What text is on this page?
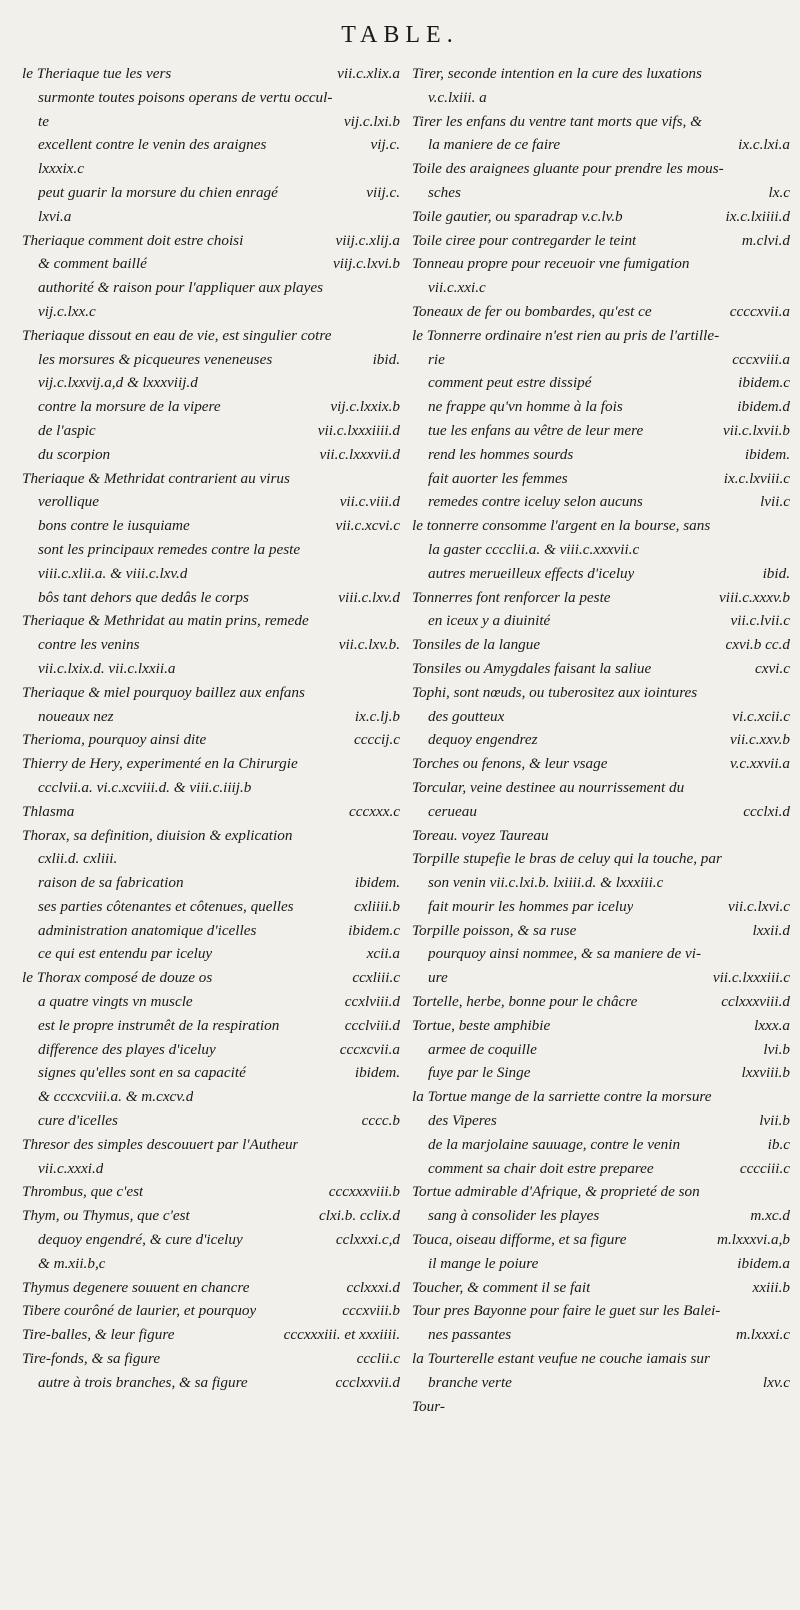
TABLE.
le Theriaque tue les vers	vii.c.xlix.a
surmonte toutes poisons operans de vertu occul-
te	vij.c.lxi.b
excellent contre le venin des araignes	vij.c.
lxxxix.c
peut guarir la morsure du chien enragé	viij.c.
lxvi.a
Theriaque comment doit estre choisi	viij.c.xlij.a
& comment baillé	viij.c.lxvi.b
authorité & raison pour l'appliquer aux playes
vij.c.lxx.c
Theriaque dissout en eau de vie, est singulier cotre
les morsures & picqueures veneneuses	ibid.
vij.c.lxxvij.a,d & lxxxviij.d
contre la morsure de la vipere	vij.c.lxxix.b
de l'aspic	vii.c.lxxxiiii.d
du scorpion	vii.c.lxxxvii.d
Theriaque & Methridat contrarient au virus
verollique	vii.c.viii.d
bons contre le iusquiame	vii.c.xcvi.c
sont les principaux remedes contre la peste
viii.c.xlii.a. & viii.c.lxv.d
bôs tant dehors que dedâs le corps	viii.c.lxv.d
Theriaque & Methridat au matin prins, remede
contre les venins	vii.c.lxv.b.
vii.c.lxix.d. vii.c.lxxii.a
Theriaque & miel pourquoy baillez aux enfans
noueaux nez	ix.c.lj.b
Therioma, pourquoy ainsi dite	ccccij.c
Thierry de Hery, experimenté en la Chirurgie
ccclvii.a. vi.c.xcviii.d. & viii.c.iiij.b
Thlasma	cccxxx.c
Thorax, sa definition, diuision & explication
cxlii.d. cxliii.
raison de sa fabrication	ibidem.
ses parties côtenantes et côtenues, quelles	cxliiii.b
administration anatomique d'icelles	ibidem.c
ce qui est entendu par iceluy	xcii.a
le Thorax composé de douze os	ccxliii.c
a quatre vingts vn muscle	ccxlviii.d
est le propre instrumêt de la respiration	ccclviii.d
difference des playes d'iceluy	cccxcvii.a
signes qu'elles sont en sa capacité	ibidem.
& cccxcviii.a. & m.cxcv.d
cure d'icelles	cccc.b
Thresor des simples descouuert par l'Autheur
vii.c.xxxi.d
Thrombus, que c'est	cccxxxviii.b
Thym, ou Thymus, que c'est	clxi.b. cclix.d
dequoy engendré, & cure d'iceluy	cclxxxi.c,d
& m.xii.b,c
Thymus degenere souuent en chancre	cclxxxi.d
Tibere courôné de laurier, et pourquoy	cccxviii.b
Tire-balles, & leur figure	cccxxxiii. et xxxiiii.
Tire-fonds, & sa figure	ccclii.c
autre à trois branches, & sa figure	ccclxxvii.d
Tirer, seconde intention en la cure des luxations
v.c.lxiii. a
Tirer les enfans du ventre tant morts que vifs, &
la maniere de ce faire	ix.c.lxi.a
Toile des araignees gluante pour prendre les mous-
sches	lx.c
Toile gautier, ou sparadrap v.c.lv.b	ix.c.lxiiii.d
Toile ciree pour contregarder le teint	m.clvi.d
Tonneau propre pour receuoir vne fumigation
vii.c.xxi.c
Toneaux de fer ou bombardes, qu'est ce	ccccxvii.a
le Tonnerre ordinaire n'est rien au pris de l'artille-
rie	cccxviii.a
comment peut estre dissipé	ibidem.c
ne frappe qu'vn homme à la fois	ibidem.d
tue les enfans au vêtre de leur mere	vii.c.lxvii.b
rend les hommes sourds	ibidem.
fait auorter les femmes	ix.c.lxviii.c
remedes contre iceluy selon aucuns	lvii.c
le tonnerre consomme l'argent en la bourse, sans
la gaster ccccliі.a. & viii.c.xxxvii.c
autres merueilleux effects d'iceluy	ibid.
Tonnerres font renforcer la peste	viii.c.xxxv.b
en iceux y a diuinité	vii.c.lvii.c
Tonsiles de la langue	cxvi.b cc.d
Tonsiles ou Amygdales faisant la saliue	cxvi.c
Tophi, sont nœuds, ou tuberositez aux iointures
des goutteux	vi.c.xcii.c
dequoy engendrez	vii.c.xxv.b
Torches ou fenons, & leur vsage	v.c.xxvii.a
Torcular, veine destinee au nourrissement du
cerueau	ccclxi.d
Toreau. voyez Taureau
Torpille stupefie le bras de celuy qui la touche, par
son venin vii.c.lxi.b. lxiiii.d. & lxxxiii.c
fait mourir les hommes par iceluy	vii.c.lxvi.c
Torpille poisson, & sa ruse	lxxii.d
pourquoy ainsi nommee, & sa maniere de vi-
ure	vii.c.lxxxiii.c
Tortelle, herbe, bonne pour le châcre	cclxxxviii.d
Tortue, beste amphibie	lxxx.a
armee de coquille	lvi.b
fuye par le Singe	lxxviii.b
la Tortue mange de la sarriette contre la morsure
des Viperes	lvii.b
de la marjolaine sauuage, contre le venin	ib.c
comment sa chair doit estre preparee	cccciii.c
Tortue admirable d'Afrique, & proprieté de son
sang à consolider les playes	m.xc.d
Touca, oiseau difforme, et sa figure	m.lxxxvi.a,b
il mange le poiure	ibidem.a
Toucher, & comment il se fait	xxiii.b
Tour pres Bayonne pour faire le guet sur les Balei-
nes passantes	m.lxxxi.c
la Tourterelle estant veufue ne couche iamais sur
branche verte	lxv.c
Tour-
